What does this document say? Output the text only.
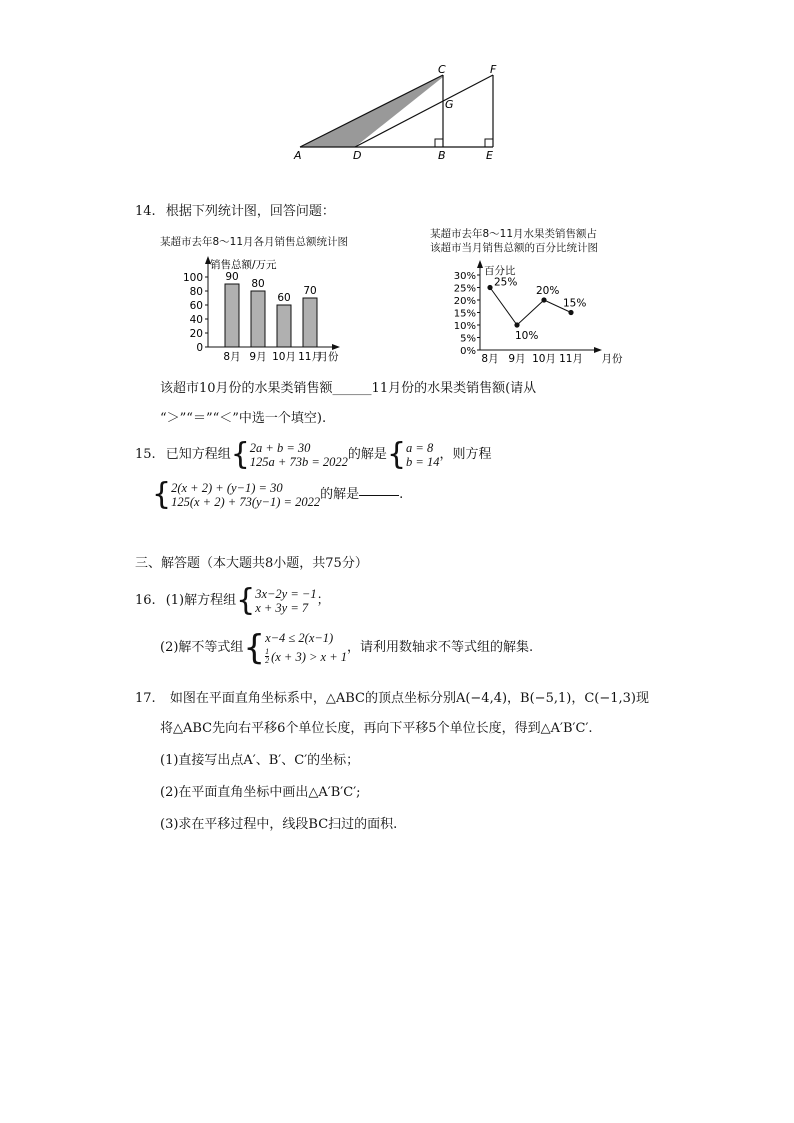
A	D	B	E
C	F
G
14. 根据下列统计图，回答问题：
某超市去年8～11月各月销售总额统计图
销售总额/万元
100
80
60
40
20
0
90
8月
80
9月
60
10月
70
11月
月份
某超市去年8～11月水果类销售额占
该超市当月销售总额的百分比统计图
百分比
30%
25%
20%
15%
10%
5%
0%
25%
8月
10%
9月
20%
10月
15%
11月 月份
该超市10月份的水果类销售额______11月份的水果类销售额(请从
“＞”“＝”“＜”中选一个填空).
15. 已知方程组 { 2a + b = 30
125a + 73b = 2022 的解是 { a = 8
b = 14 ，则方程
{ 2(x + 2) + (y−1) = 30
125(x + 2) + 73(y−1) = 2022 的解是	.
三、解答题（本大题共8小题，共75分）
16. (1)解方程组 { 3x−2y = −1
x + 3y = 7 ；
(2)解不等式组 { x−4 ≤ 2(x−1)
$\frac{1}{2} (x + 3) > x + 1$
，请利用数轴求不等式组的解集.
17. 如图在平面直角坐标系中，△ABC的顶点坐标分别A(−4,4)，B(−5,1)，C(−1,3)现
将△ABC先向右平移6个单位长度，再向下平移5个单位长度，得到△A′B′C′.
(1)直接写出点A′、B′、C′的坐标；
(2)在平面直角坐标中画出△A′B′C′;
(3)求在平移过程中，线段BC扫过的面积.
